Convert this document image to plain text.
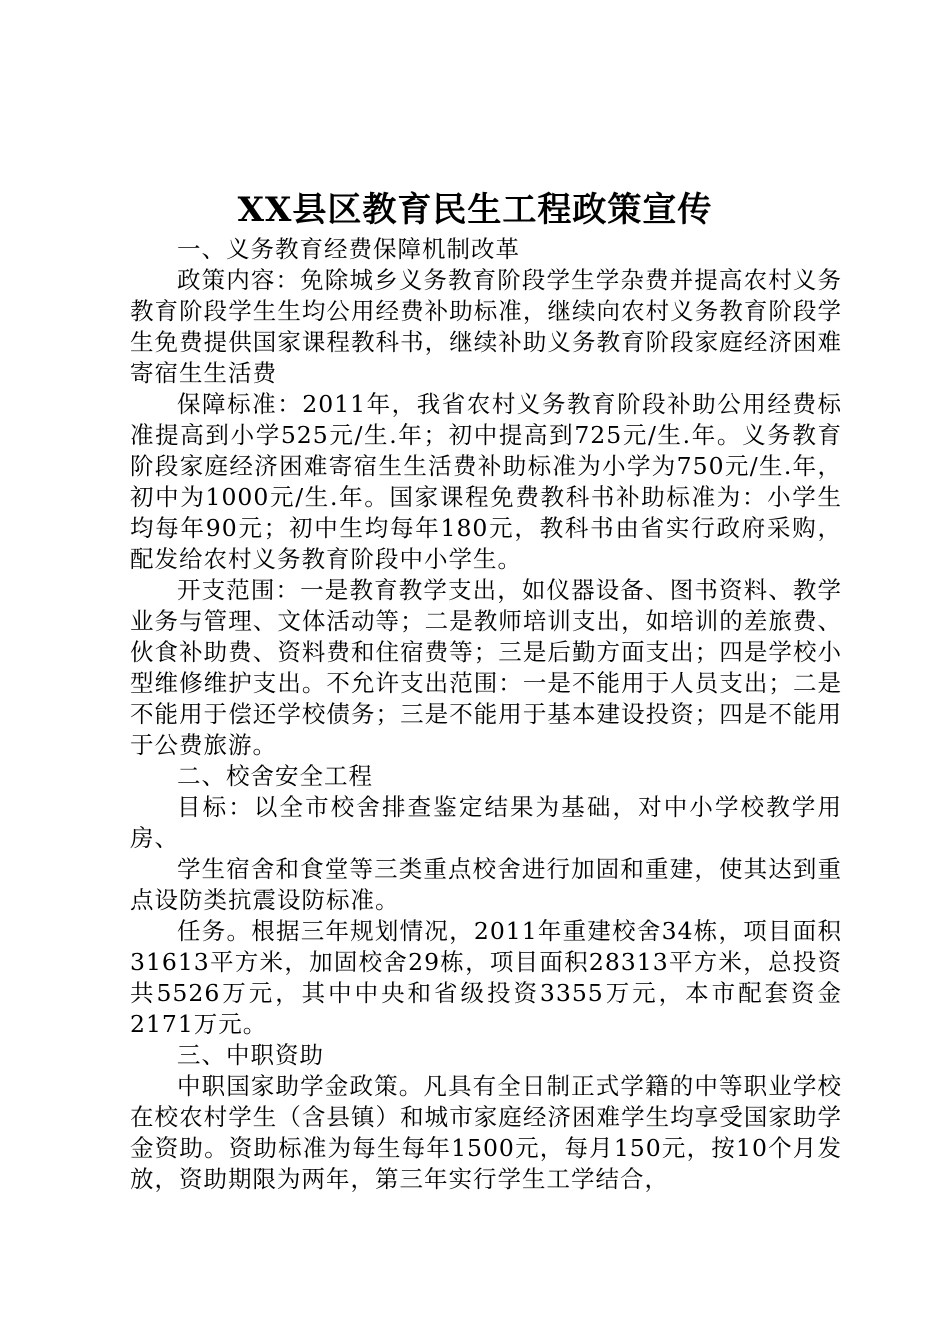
XX县区教育民生工程政策宣传

一、义务教育经费保障机制改革

政策内容：免除城乡义务教育阶段学生学杂费并提高农村义务教育阶段学生生均公用经费补助标准，继续向农村义务教育阶段学生免费提供国家课程教科书，继续补助义务教育阶段家庭经济困难寄宿生生活费

保障标准：2011年，我省农村义务教育阶段补助公用经费标准提高到小学525元/生.年；初中提高到725元/生.年。义务教育阶段家庭经济困难寄宿生生活费补助标准为小学为750元/生.年，初中为1000元/生.年。国家课程免费教科书补助标准为：小学生均每年90元；初中生均每年180元，教科书由省实行政府采购，配发给农村义务教育阶段中小学生。

开支范围：一是教育教学支出，如仪器设备、图书资料、教学业务与管理、文体活动等；二是教师培训支出，如培训的差旅费、伙食补助费、资料费和住宿费等；三是后勤方面支出；四是学校小型维修维护支出。不允许支出范围：一是不能用于人员支出；二是不能用于偿还学校债务；三是不能用于基本建设投资；四是不能用于公费旅游。

二、校舍安全工程

目标：以全市校舍排查鉴定结果为基础，对中小学校教学用房、

学生宿舍和食堂等三类重点校舍进行加固和重建，使其达到重点设防类抗震设防标准。

任务。根据三年规划情况，2011年重建校舍34栋，项目面积31613平方米，加固校舍29栋，项目面积28313平方米，总投资共5526万元，其中中央和省级投资3355万元，本市配套资金2171万元。

三、中职资助

中职国家助学金政策。凡具有全日制正式学籍的中等职业学校在校农村学生（含县镇）和城市家庭经济困难学生均享受国家助学金资助。资助标准为每生每年1500元，每月150元，按10个月发放，资助期限为两年，第三年实行学生工学结合，
